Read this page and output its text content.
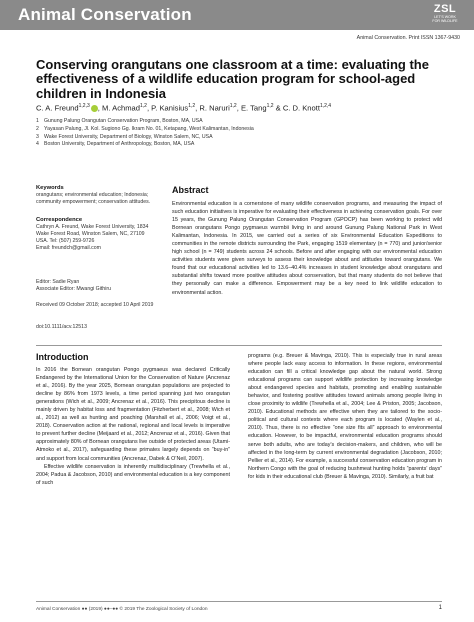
Animal Conservation	ZSL
LET'S WORK FOR WILDLIFE
Animal Conservation. Print ISSN 1367-9430
Conserving orangutans one classroom at a time: evaluating the effectiveness of a wildlife education program for school-aged children in Indonesia
C. A. Freund$^{1,2,3}$ , M. Achmad$^{1,2}$, P. Kanisius$^{1,2}$, R. Naruri$^{1,2}$, E. Tang$^{1,2}$ & C. D. Knott$^{1,2,4}$
1 Gunung Palung Orangutan Conservation Program, Boston, MA, USA
2 Yayasan Palung, Jl. Kol. Sugiono Gg. Ikram No. 01, Ketapang, West Kalimantan, Indonesia
3 Wake Forest University, Department of Biology, Winston Salem, NC, USA
4 Boston University, Department of Anthropology, Boston, MA, USA
Keywords
orangutans; environmental education; Indonesia; community empowerment; conservation attitudes.
Correspondence
Cathryn A. Freund, Wake Forest University, 1834 Wake Forest Road, Winston Salem, NC, 27109 USA. Tel: (507) 259-9726
Email: freundch@gmail.com
Editor: Sadie Ryan
Associate Editor: Mwangi Githiru
Received 09 October 2018; accepted 10 April 2019
doi:10.1111/acv.12513
Abstract
Environmental education is a cornerstone of many wildlife conservation programs, and measuring the impact of such education initiatives is imperative for evaluating their effectiveness in achieving conservation goals. For over 15 years, the Gunung Palung Orangutan Conservation Program (GPOCP) has been working to protect wild Bornean orangutans Pongo pygmaeus wurmbii living in and around Gunung Palung National Park in West Kalimantan, Indonesia. In 2015, we carried out a series of six Environmental Education Expeditions to communities in the remote districts surrounding the Park, engaging 1519 elementary (n = 770) and junior/senior high school (n = 749) students across 24 schools. Before and after engaging with our environmental education activities students were given surveys to assess their knowledge about and attitudes toward orangutans. We found that our educational activities led to 13.6–40.4% increases in student knowledge about orangutans and substantial shifts toward more positive attitudes about conservation, but that many students do not believe that they personally can make a difference. Empowerment may be a key need to link wildlife education to environmental action.
Introduction

In 2016 the Bornean orangutan Pongo pygmaeus was declared Critically Endangered by the International Union for the Conservation of Nature (Ancrenaz et al., 2016). By the year 2025, Bornean orangutan populations are projected to decline by 86% from 1973 levels, a time period spanning just two orangutan generations (Wich et al., 2009; Ancrenaz et al., 2016). This precipitous decline is mainly driven by habitat loss and fragmentation (Fitzherbert et al., 2008; Wich et al., 2012) as well as hunting and poaching (Marshall et al., 2006; Voigt et al., 2018). Conservation action at the national, regional and local levels is imperative to prevent further decline (Meijaard et al., 2012; Ancrenaz et al., 2016). Given that approximately 80% of Bornean orangutans live outside of protected areas (Utami-Atmoko et al., 2017), safeguarding these primates largely depends on “buy-in” and support from local communities (Ancrenaz, Dabek & O’Neil, 2007).

Effective wildlife conservation is inherently multidisciplinary (Trewhella et al., 2004; Padua & Jacobson, 2010) and environmental education is a key component of such

programs (e.g. Breuer & Mavinga, 2010). This is especially true in rural areas where people lack easy access to information. In these regions, environmental education can fill a critical knowledge gap about the natural world. Strong educational programs can support wildlife protection by increasing knowledge about endangered species and habitats, promoting and enabling sustainable behavior, and fostering positive attitudes toward animals among people living in close proximity to wildlife (Trewhella et al., 2004; Lee & Priston, 2005; Jacobson, 2010). Educational methods are effective when they are tailored to the socio-political and cultural contexts where each program is located (Waylen et al., 2010). Thus, there is no effective “one size fits all” approach to environmental education. However, to be impactful, environmental education programs should serve both adults, who are today’s decision-makers, and children, who will be affected in the long-term by current environmental degradation (Jacobson, 2010; Pellier et al., 2014). For example, a successful conservation education program in Northern Congo with the goal of reducing bushmeat hunting holds “parents’ days” for kids in their educational club (Breuer & Mavinga, 2010). Similarly, a fruit bat

Animal Conservation ●● (2019) ●●–●● © 2019 The Zoological Society of London	1
